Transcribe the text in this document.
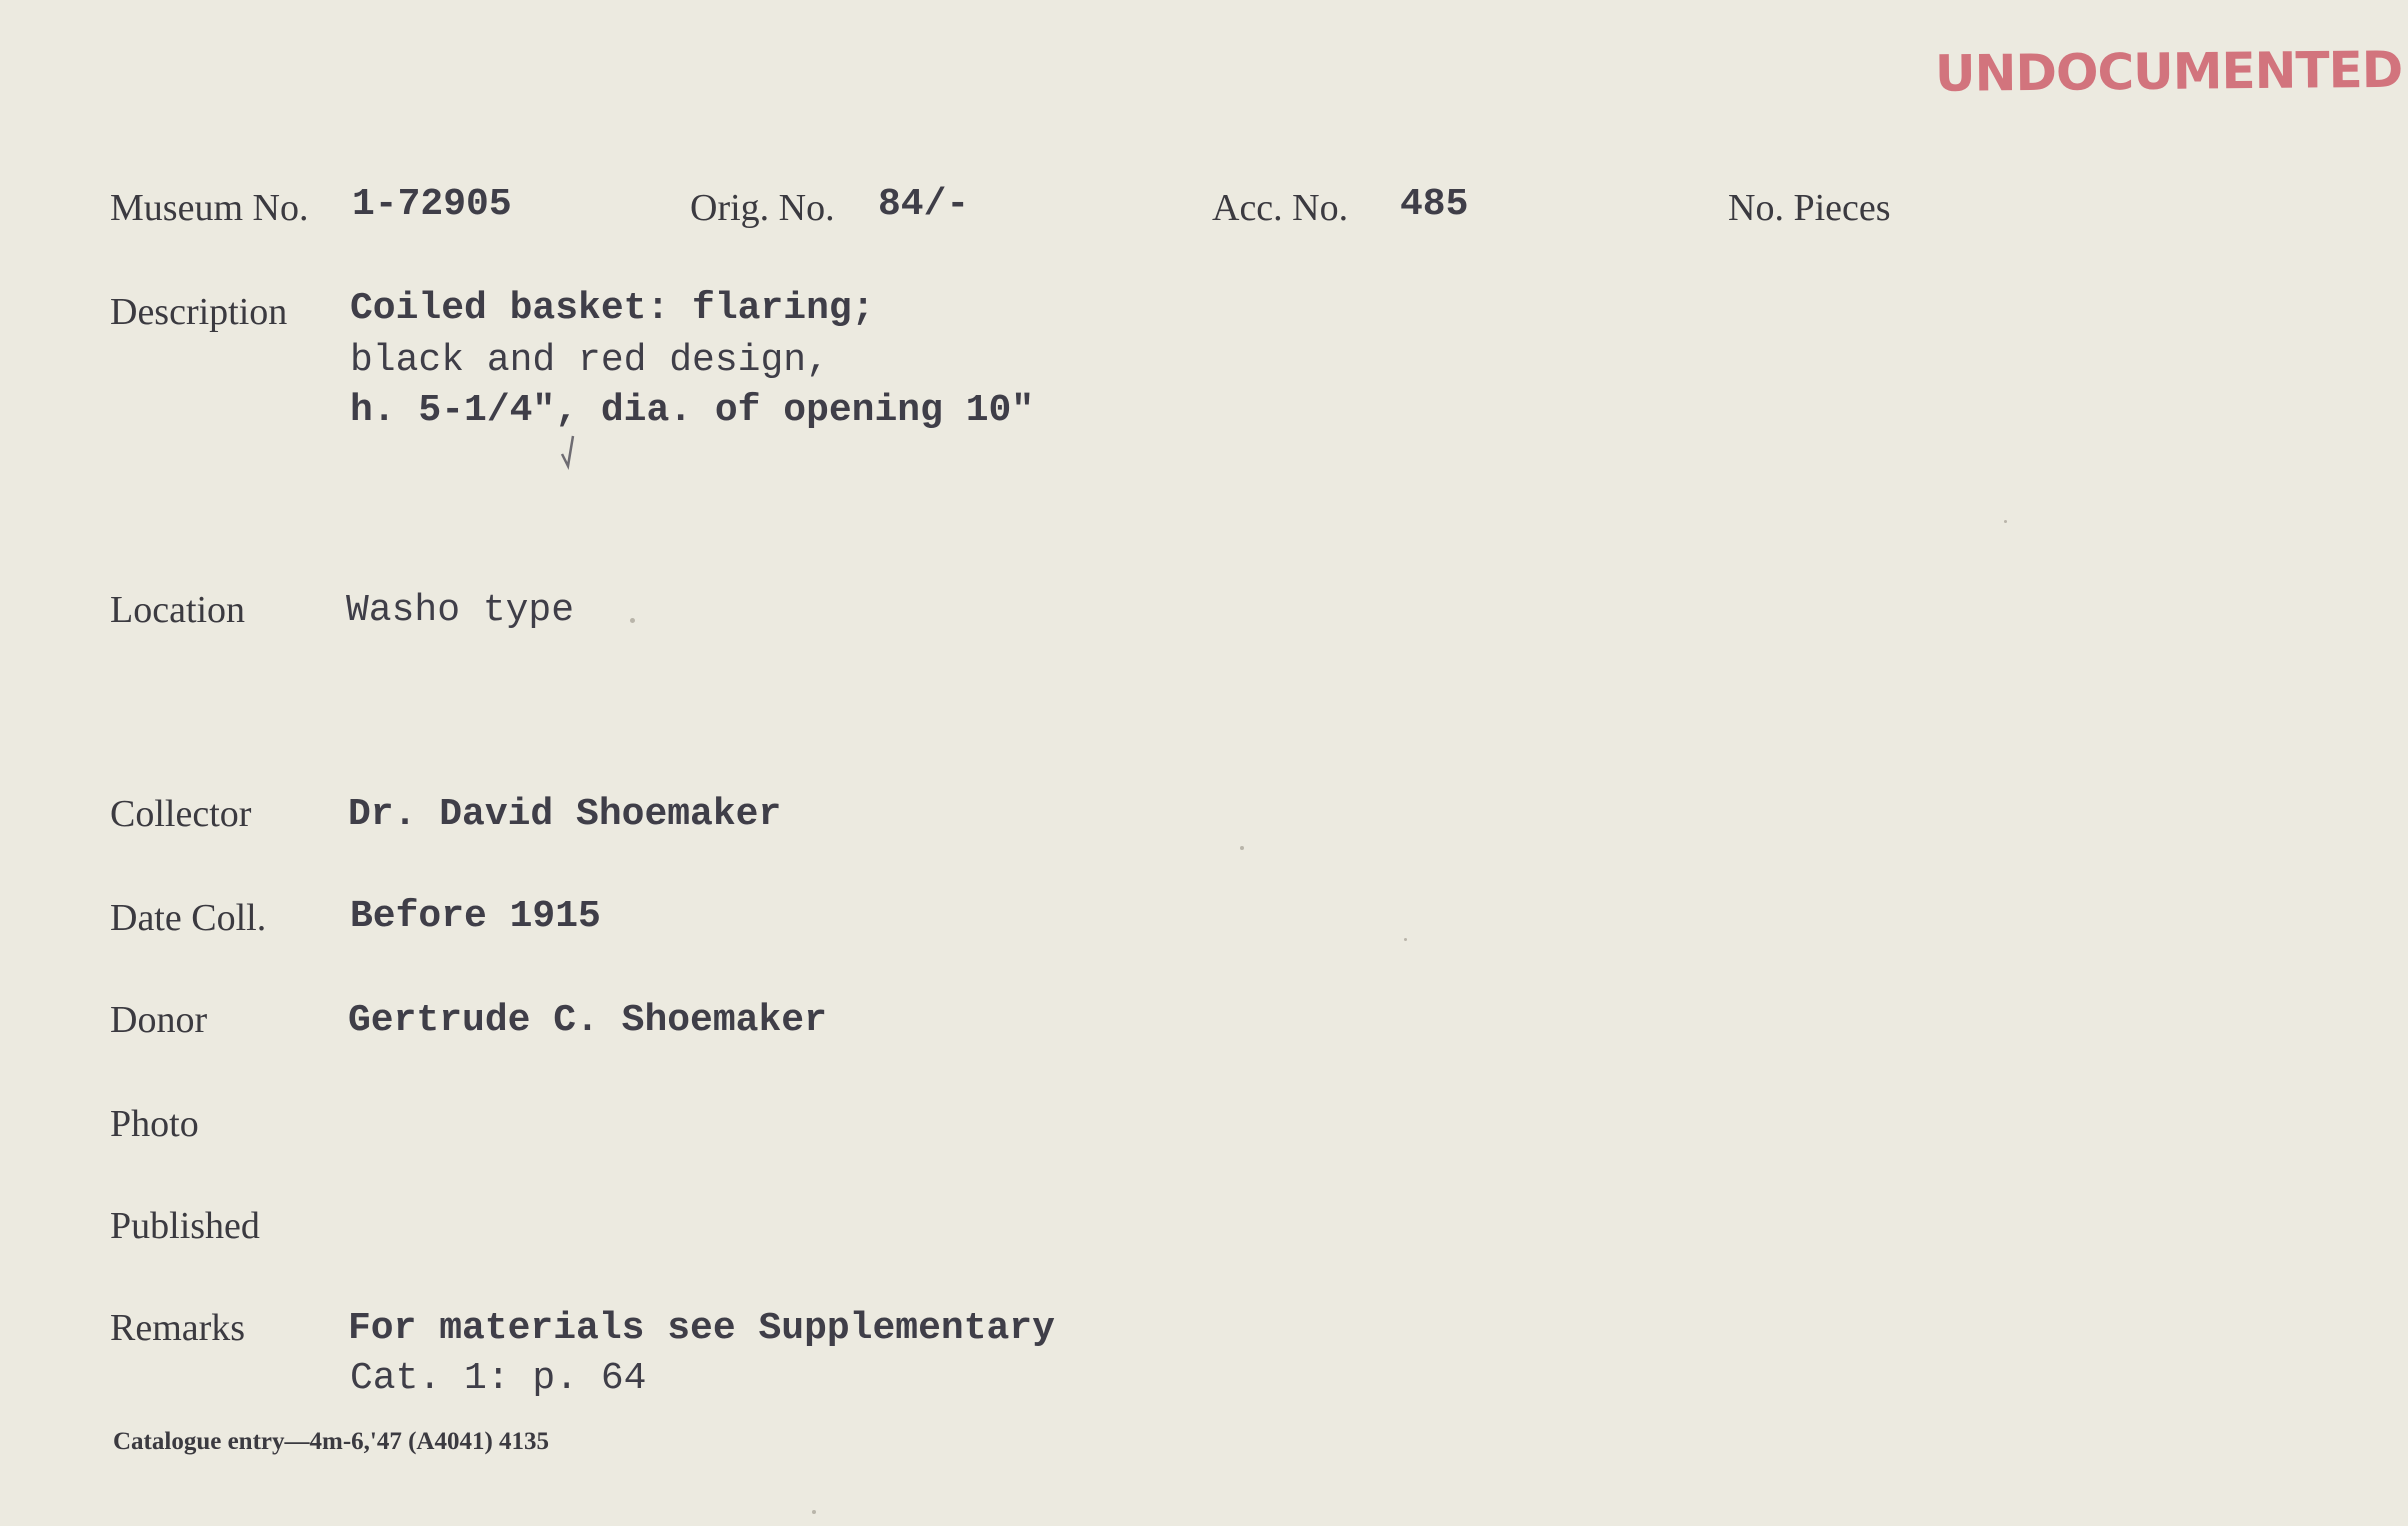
UNDOCUMENTED
Museum No. 1-72905	Orig. No. 84/-	Acc. No. 485	No. Pieces
Description Coiled basket: flaring;
black and red design,
h. 5-1/4", dia. of opening 10"
Location	Washo type
Collector	Dr. David Shoemaker
Date Coll. Before 1915
Donor	Gertrude C. Shoemaker
Photo
Published
Remarks	For materials see Supplementary
Cat. 1: p. 64
Catalogue entry—4m-6,'47 (A4041) 4135
